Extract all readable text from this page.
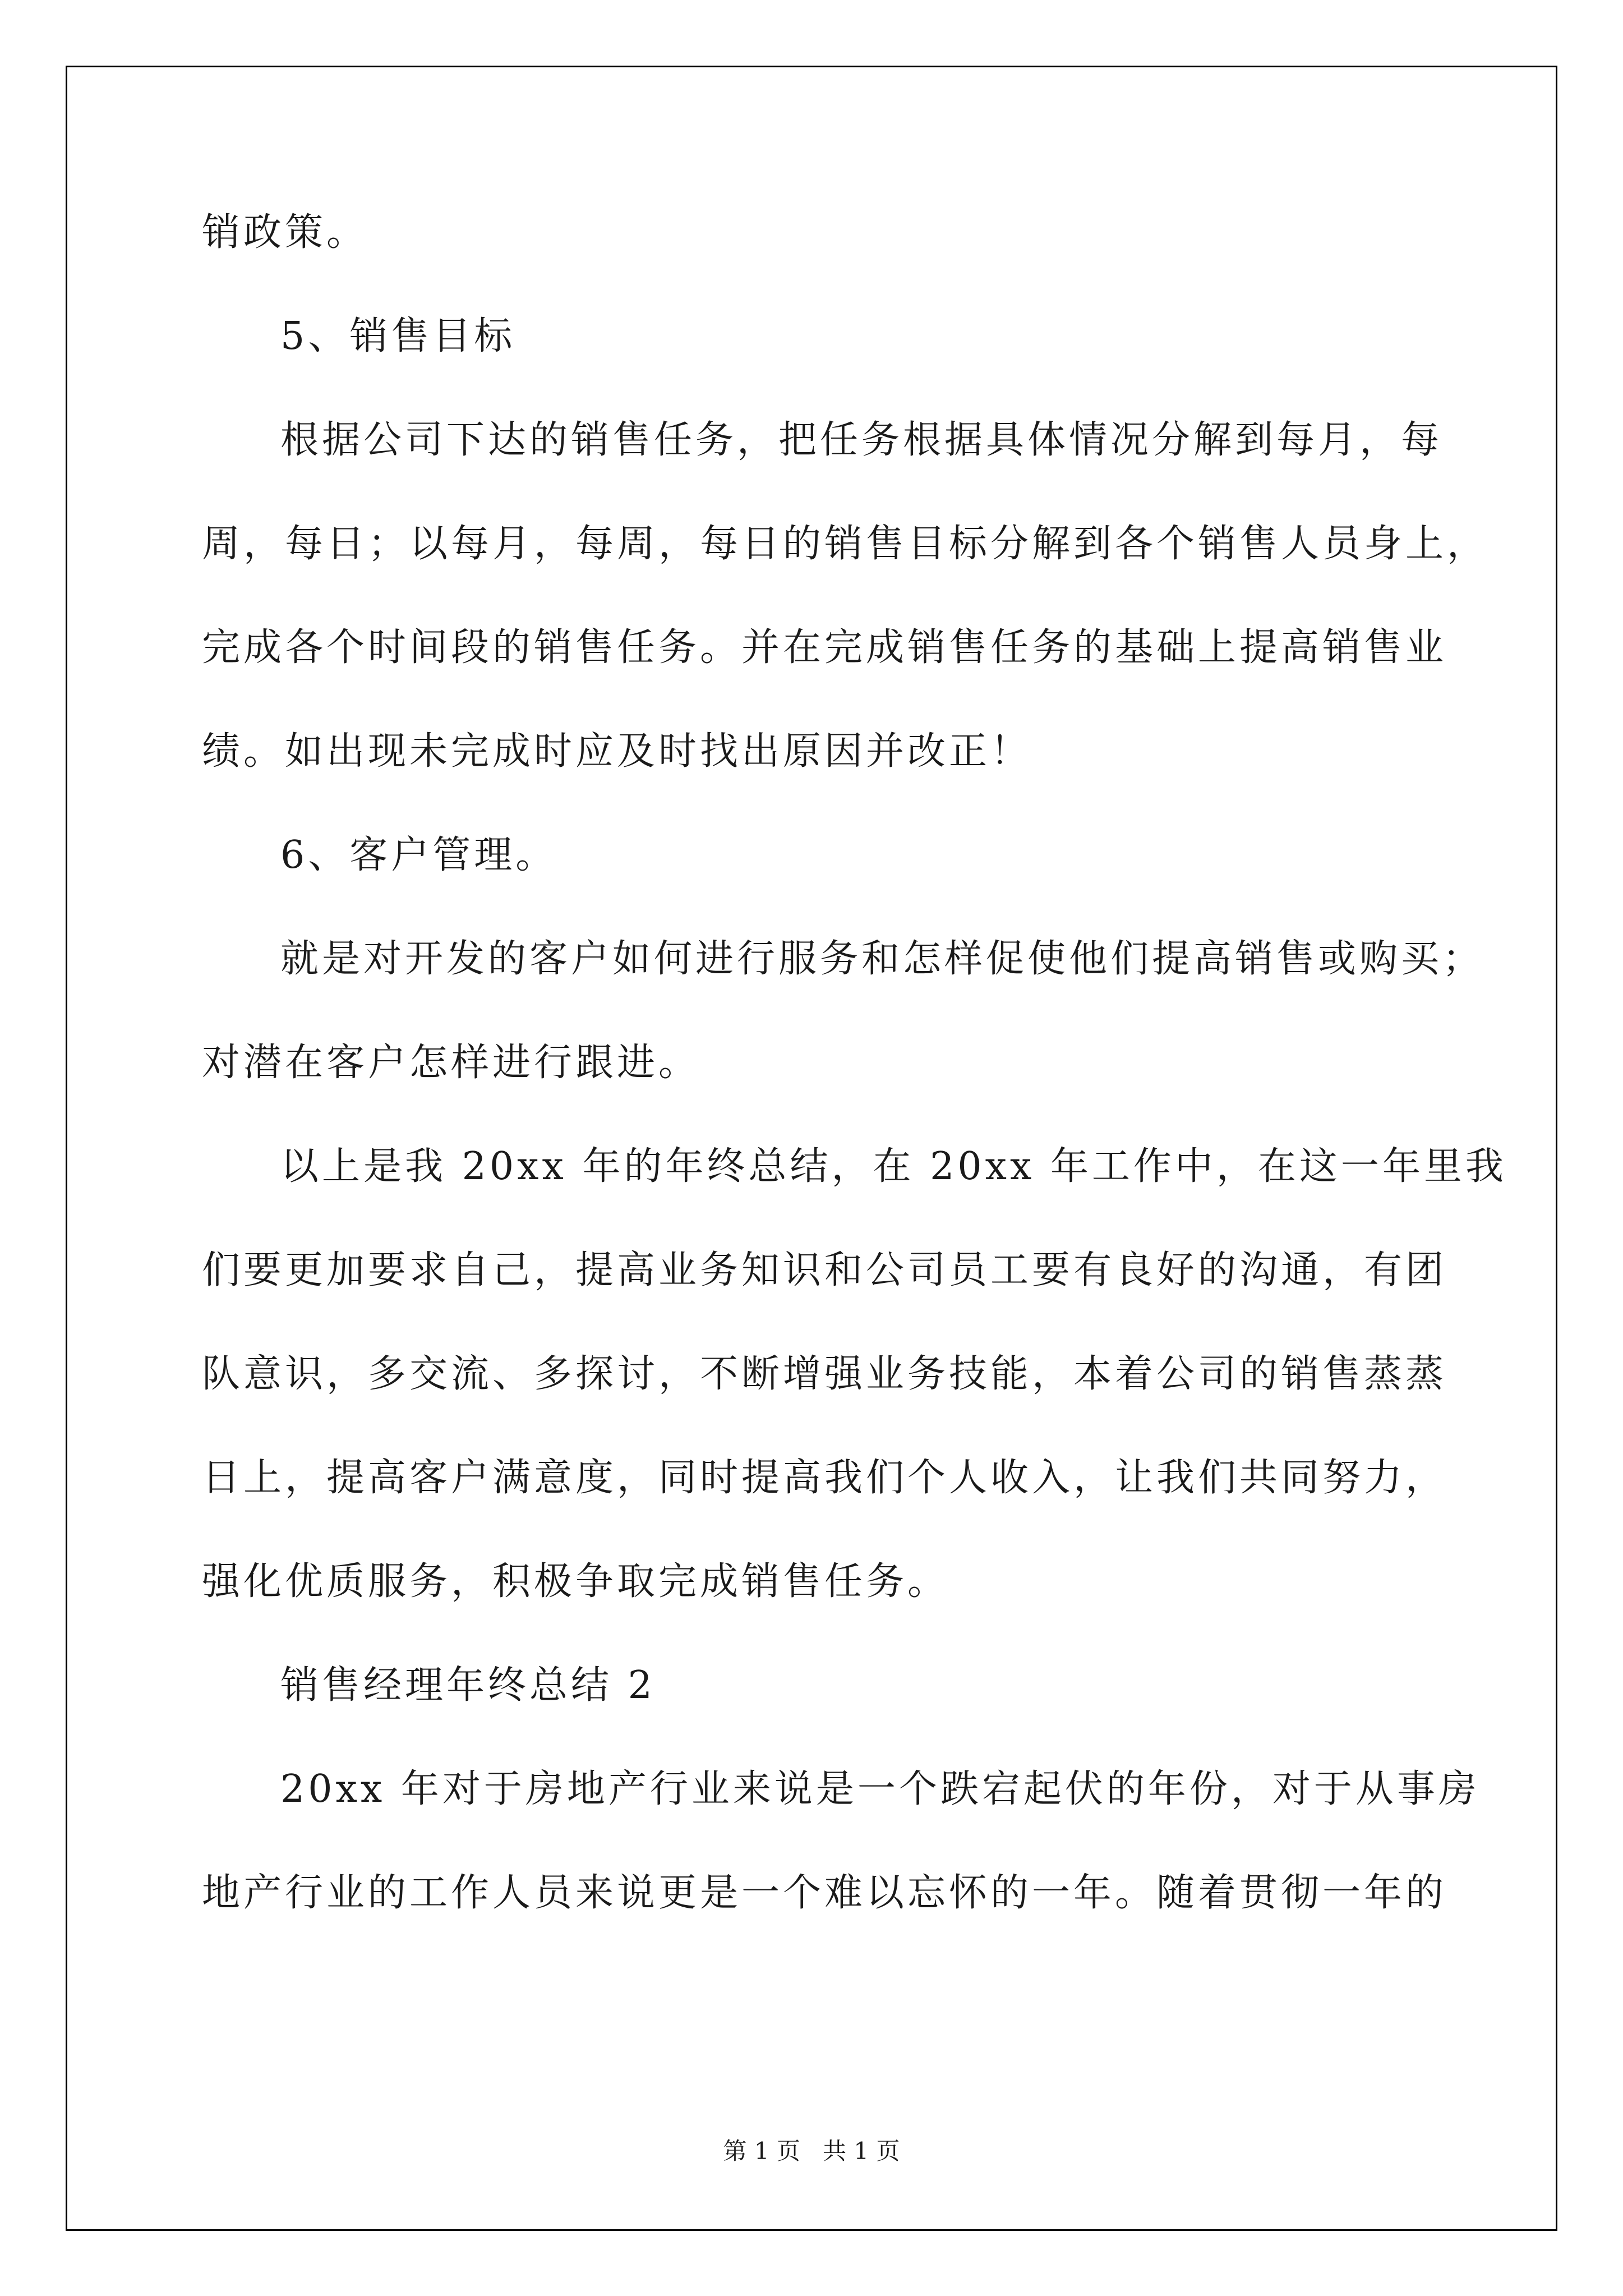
销政策。
5、销售目标
根据公司下达的销售任务，把任务根据具体情况分解到每月，每
周，每日；以每月，每周，每日的销售目标分解到各个销售人员身上，
完成各个时间段的销售任务。并在完成销售任务的基础上提高销售业
绩。如出现未完成时应及时找出原因并改正！
6、客户管理。
就是对开发的客户如何进行服务和怎样促使他们提高销售或购买；
对潜在客户怎样进行跟进。
以上是我 20xx 年的年终总结，在 20xx 年工作中，在这一年里我
们要更加要求自己，提高业务知识和公司员工要有良好的沟通，有团
队意识，多交流、多探讨，不断增强业务技能，本着公司的销售蒸蒸
日上，提高客户满意度，同时提高我们个人收入，让我们共同努力，
强化优质服务，积极争取完成销售任务。
销售经理年终总结 2
20xx 年对于房地产行业来说是一个跌宕起伏的年份，对于从事房
地产行业的工作人员来说更是一个难以忘怀的一年。随着贯彻一年的
第 1 页   共 1 页
